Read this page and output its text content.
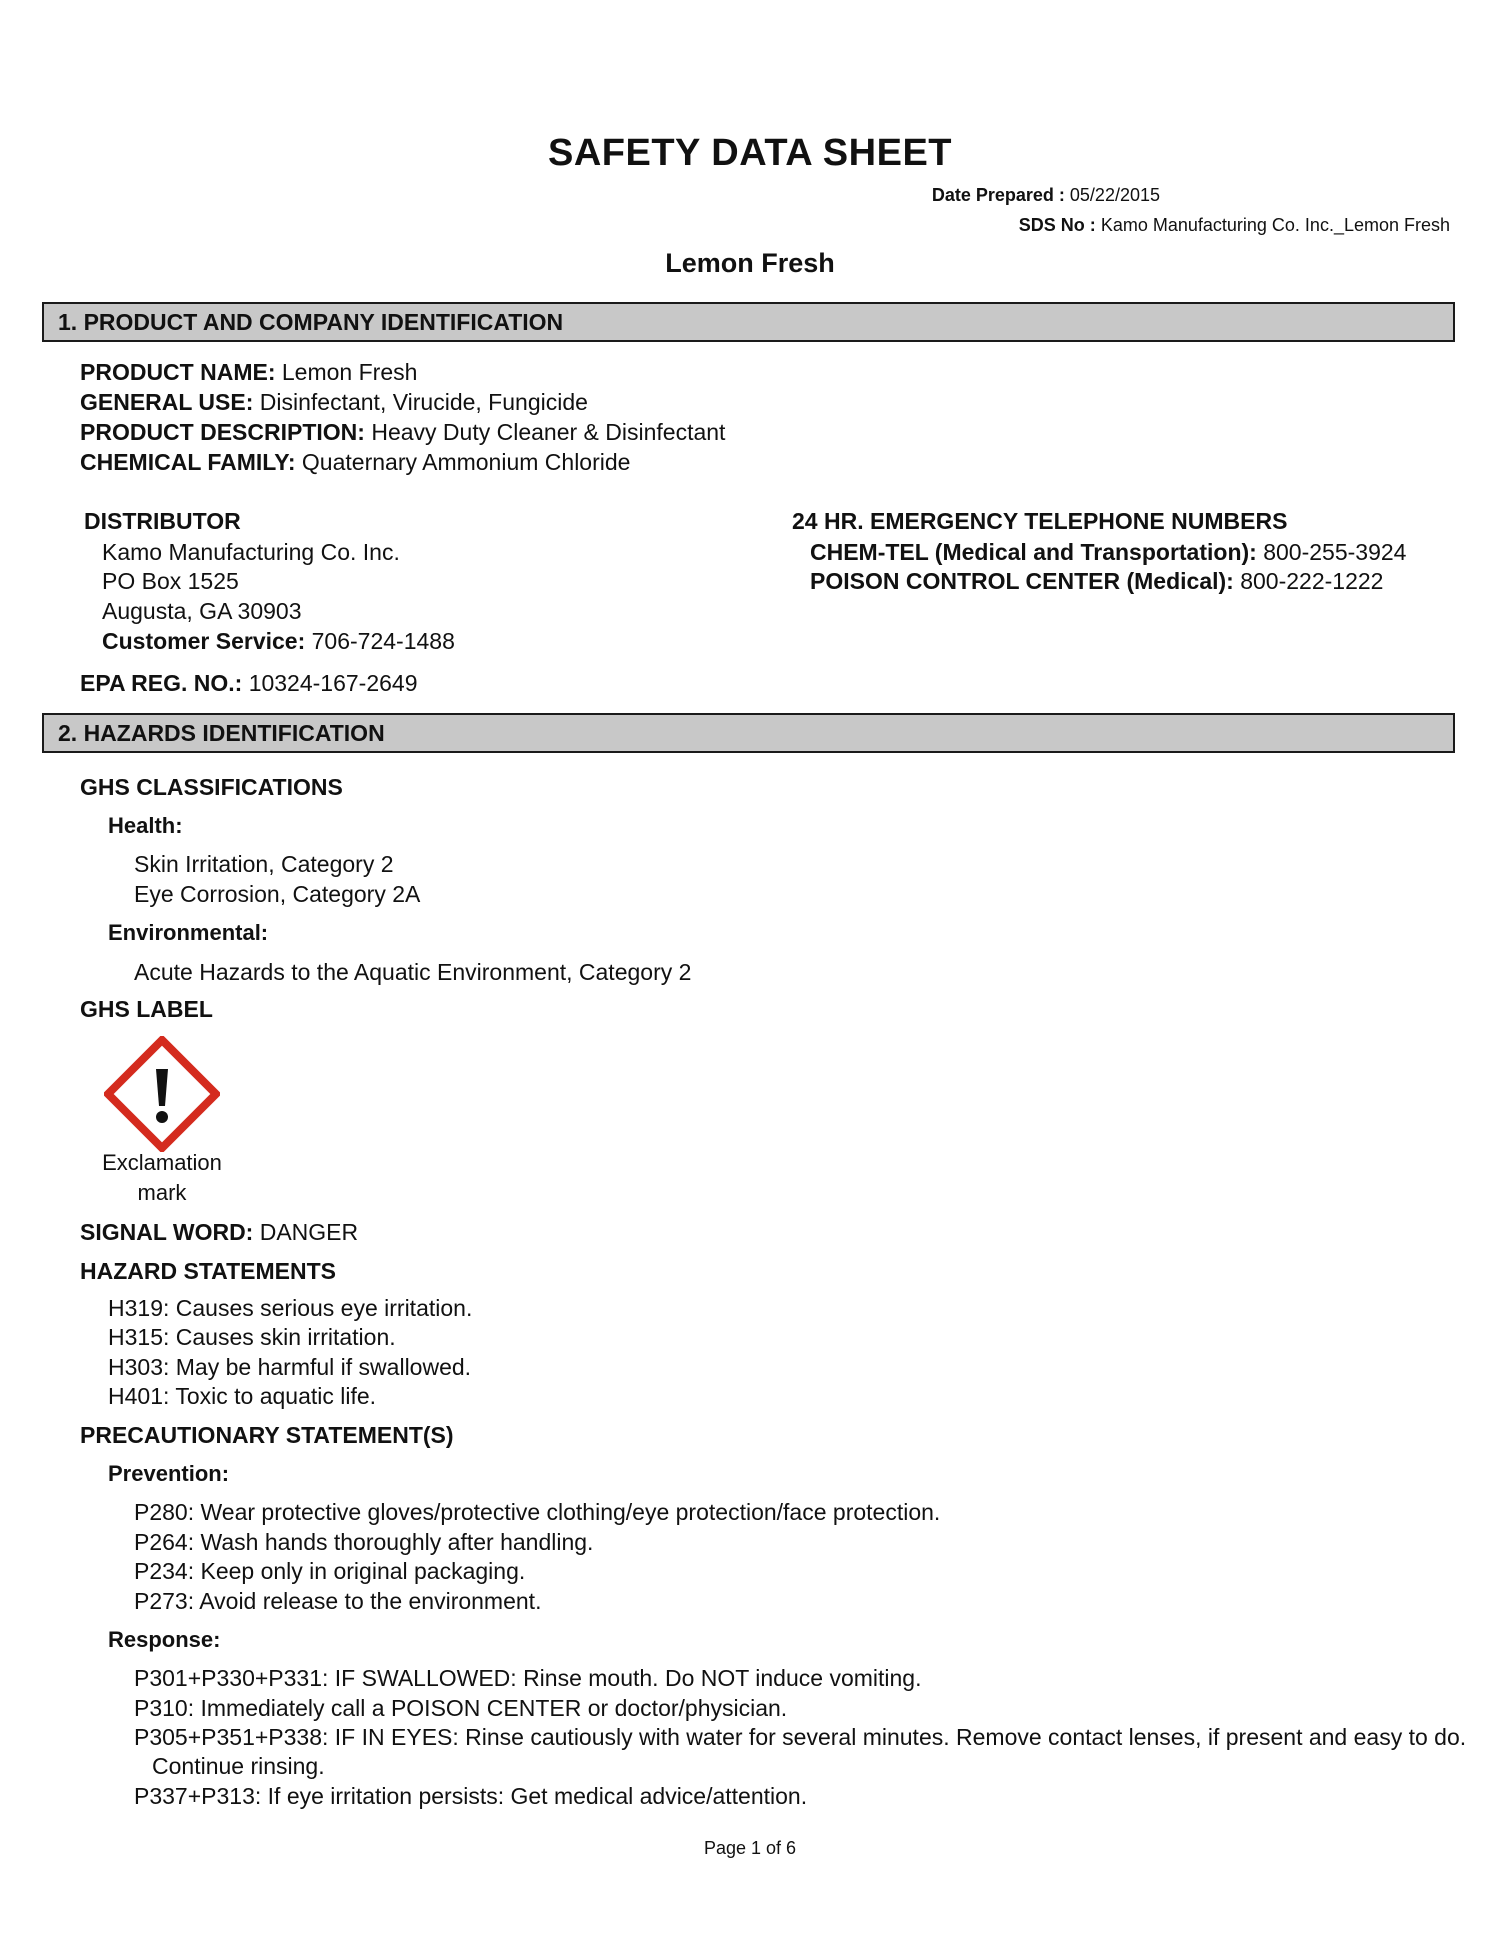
SAFETY DATA SHEET
Date Prepared : 05/22/2015
SDS No : Kamo Manufacturing Co. Inc._Lemon Fresh
Lemon Fresh
1. PRODUCT AND COMPANY IDENTIFICATION
PRODUCT NAME: Lemon Fresh
GENERAL USE: Disinfectant, Virucide, Fungicide
PRODUCT DESCRIPTION: Heavy Duty Cleaner & Disinfectant
CHEMICAL FAMILY: Quaternary Ammonium Chloride
DISTRIBUTOR
Kamo Manufacturing Co. Inc.
PO Box 1525
Augusta, GA 30903
Customer Service: 706-724-1488
24 HR. EMERGENCY TELEPHONE NUMBERS
CHEM-TEL (Medical and Transportation): 800-255-3924
POISON CONTROL CENTER (Medical): 800-222-1222
EPA REG. NO.: 10324-167-2649
2. HAZARDS IDENTIFICATION
GHS CLASSIFICATIONS
Health:
Skin Irritation, Category 2
Eye Corrosion, Category 2A
Environmental:
Acute Hazards to the Aquatic Environment, Category 2
GHS LABEL
Exclamation mark
SIGNAL WORD: DANGER
HAZARD STATEMENTS
H319: Causes serious eye irritation.
H315: Causes skin irritation.
H303: May be harmful if swallowed.
H401: Toxic to aquatic life.
PRECAUTIONARY STATEMENT(S)
Prevention:
P280: Wear protective gloves/protective clothing/eye protection/face protection.
P264: Wash hands thoroughly after handling.
P234: Keep only in original packaging.
P273: Avoid release to the environment.
Response:
P301+P330+P331: IF SWALLOWED: Rinse mouth. Do NOT induce vomiting.
P310: Immediately call a POISON CENTER or doctor/physician.
P305+P351+P338: IF IN EYES: Rinse cautiously with water for several minutes. Remove contact lenses, if present and easy to do. Continue rinsing.
P337+P313: If eye irritation persists: Get medical advice/attention.
Page 1 of 6
